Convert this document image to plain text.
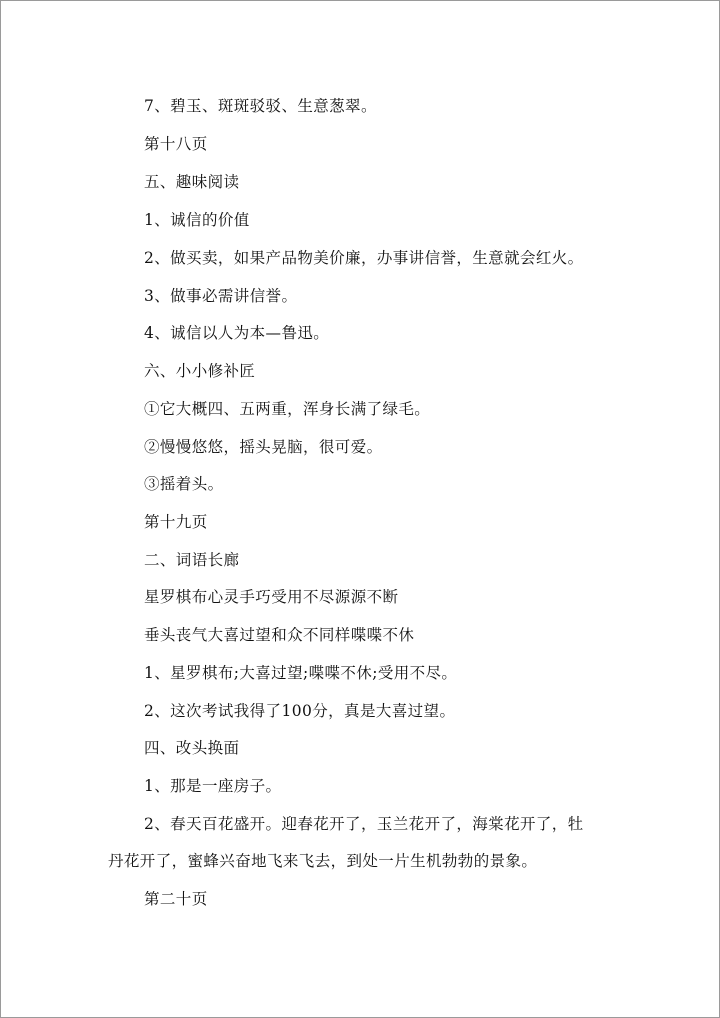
7、碧玉、斑斑驳驳、生意葱翠。
第十八页
五、趣味阅读
1、诚信的价值
2、做买卖，如果产品物美价廉，办事讲信誉，生意就会红火。
3、做事必需讲信誉。
4、诚信以人为本—鲁迅。
六、小小修补匠
①它大概四、五两重，浑身长满了绿毛。
②慢慢悠悠，摇头晃脑，很可爱。
③摇着头。
第十九页
二、词语长廊
星罗棋布心灵手巧受用不尽源源不断
垂头丧气大喜过望和众不同样喋喋不休
1、星罗棋布;大喜过望;喋喋不休;受用不尽。
2、这次考试我得了100分，真是大喜过望。
四、改头换面
1、那是一座房子。
2、春天百花盛开。迎春花开了，玉兰花开了，海棠花开了，牡
丹花开了，蜜蜂兴奋地飞来飞去，到处一片生机勃勃的景象。
第二十页
